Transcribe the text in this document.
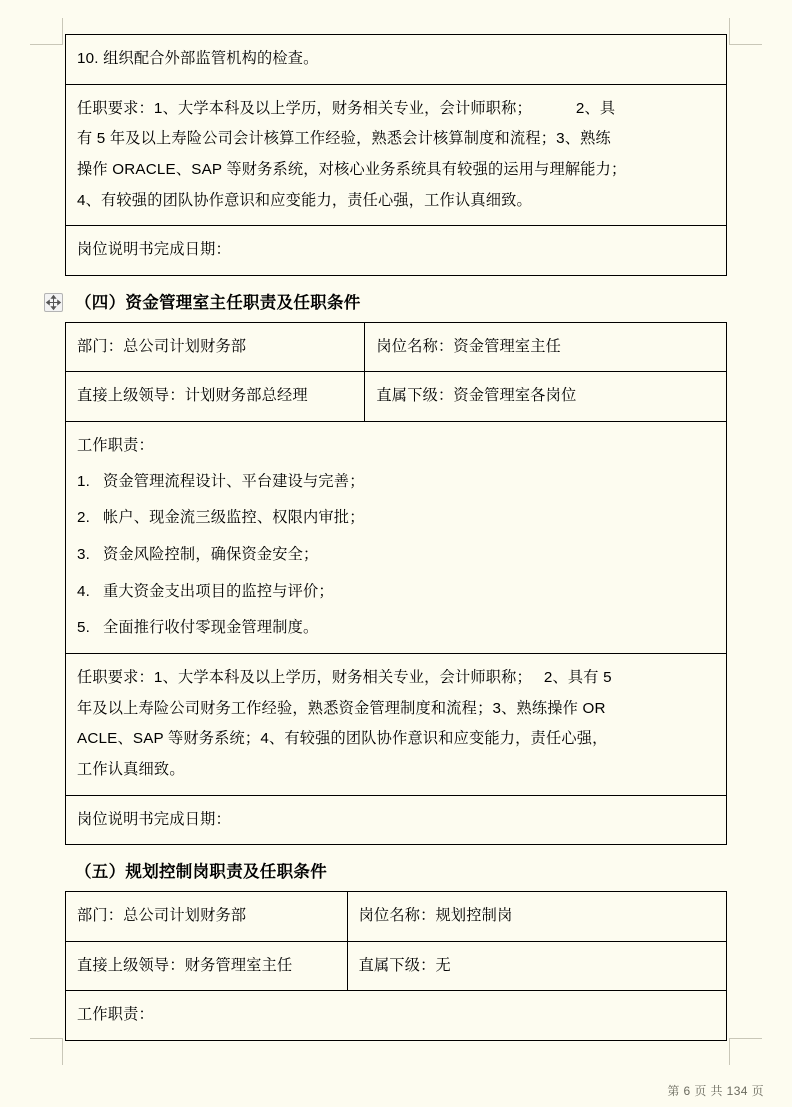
10. 组织配合外部监管机构的检查。

任职要求：1、大学本科及以上学历，财务相关专业，会计师职称；	2、具

有 5 年及以上寿险公司会计核算工作经验，熟悉会计核算制度和流程；3、熟练

操作 ORACLE、SAP 等财务系统，对核心业务系统具有较强的运用与理解能力；

4、有较强的团队协作意识和应变能力，责任心强，工作认真细致。

岗位说明书完成日期：

（四）资金管理室主任职责及任职条件

部门：总公司计划财务部	岗位名称：资金管理室主任

直接上级领导：计划财务部总经理	直属下级：资金管理室各岗位

工作职责：

1. 资金管理流程设计、平台建设与完善；
2. 帐户、现金流三级监控、权限内审批；
3. 资金风险控制，确保资金安全；
4. 重大资金支出项目的监控与评价；
5. 全面推行收付零现金管理制度。

任职要求：1、大学本科及以上学历，财务相关专业，会计师职称； 2、具有 5

年及以上寿险公司财务工作经验，熟悉资金管理制度和流程；3、熟练操作 OR

ACLE、SAP 等财务系统；4、有较强的团队协作意识和应变能力，责任心强，

工作认真细致。	

岗位说明书完成日期：	

（五）规划控制岗职责及任职条件

部门：总公司计划财务部	岗位名称：规划控制岗

直接上级领导：财务管理室主任	直属下级：无

工作职责：	

第 6 页 共 134 页
